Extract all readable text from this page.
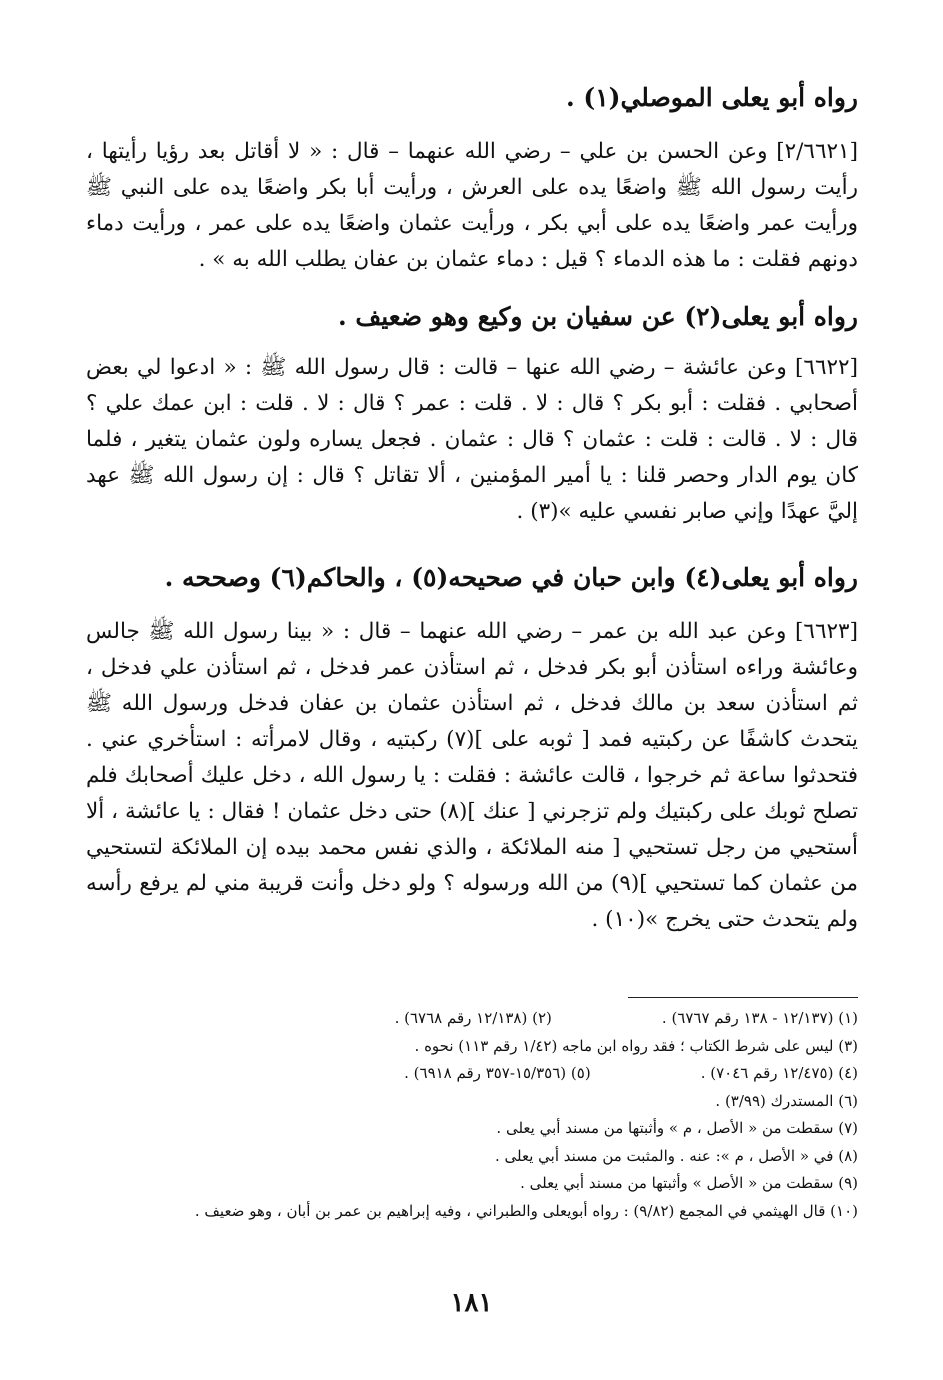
رواه أبو يعلى الموصلي(١) .
[٢/٦٦٢١] وعن الحسن بن علي – رضي الله عنهما – قال : « لا أقاتل بعد رؤيا رأيتها ، رأيت رسول الله ﷺ واضعًا يده على العرش ، ورأيت أبا بكر واضعًا يده على النبي ﷺ ورأيت عمر واضعًا يده على أبي بكر ، ورأيت عثمان واضعًا يده على عمر ، ورأيت دماء دونهم فقلت : ما هذه الدماء ؟ قيل : دماء عثمان بن عفان يطلب الله به » .
رواه أبو يعلى(٢) عن سفيان بن وكيع وهو ضعيف .
[٦٦٢٢] وعن عائشة – رضي الله عنها – قالت : قال رسول الله ﷺ : « ادعوا لي بعض أصحابي . فقلت : أبو بكر ؟ قال : لا . قلت : عمر ؟ قال : لا . قلت : ابن عمك علي ؟ قال : لا . قالت : قلت : عثمان ؟ قال : عثمان . فجعل يساره ولون عثمان يتغير ، فلما كان يوم الدار وحصر قلنا : يا أمير المؤمنين ، ألا تقاتل ؟ قال : إن رسول الله ﷺ عهد إليَّ عهدًا وإني صابر نفسي عليه »(٣) .
رواه أبو يعلى(٤) وابن حبان في صحيحه(٥) ، والحاكم(٦) وصححه .
[٦٦٢٣] وعن عبد الله بن عمر – رضي الله عنهما – قال : « بينا رسول الله ﷺ جالس وعائشة وراءه استأذن أبو بكر فدخل ، ثم استأذن عمر فدخل ، ثم استأذن علي فدخل ، ثم استأذن سعد بن مالك فدخل ، ثم استأذن عثمان بن عفان فدخل ورسول الله ﷺ يتحدث كاشفًا عن ركبتيه فمد [ ثوبه على ](٧) ركبتيه ، وقال لامرأته : استأخري عني . فتحدثوا ساعة ثم خرجوا ، قالت عائشة : فقلت : يا رسول الله ، دخل عليك أصحابك فلم تصلح ثوبك على ركبتيك ولم تزجرني [ عنك ](٨) حتى دخل عثمان ! فقال : يا عائشة ، ألا أستحيي من رجل تستحيي [ منه الملائكة ، والذي نفس محمد بيده إن الملائكة لتستحيي من عثمان كما تستحيي ](٩) من الله ورسوله ؟ ولو دخل وأنت قريبة مني لم يرفع رأسه ولم يتحدث حتى يخرج »(١٠) .
(١) (١٢/١٣٧ - ١٣٨ رقم ٦٧٦٧) .
(٢) (١٢/١٣٨ رقم ٦٧٦٨) .
(٣) ليس على شرط الكتاب ؛ فقد رواه ابن ماجه (١/٤٢ رقم ١١٣) نحوه .
(٤) (١٢/٤٧٥ رقم ٧٠٤٦) .
(٥) (١٥/٣٥٦-٣٥٧ رقم ٦٩١٨) .
(٦) المستدرك (٣/٩٩) .
(٧) سقطت من « الأصل ، م » وأثبتها من مسند أبي يعلى .
(٨) في « الأصل ، م »: عنه . والمثبت من مسند أبي يعلى .
(٩) سقطت من « الأصل » وأثبتها من مسند أبي يعلى .
(١٠) قال الهيثمي في المجمع (٩/٨٢) : رواه أبويعلى والطبراني ، وفيه إبراهيم بن عمر بن أبان ، وهو ضعيف .
١٨١
